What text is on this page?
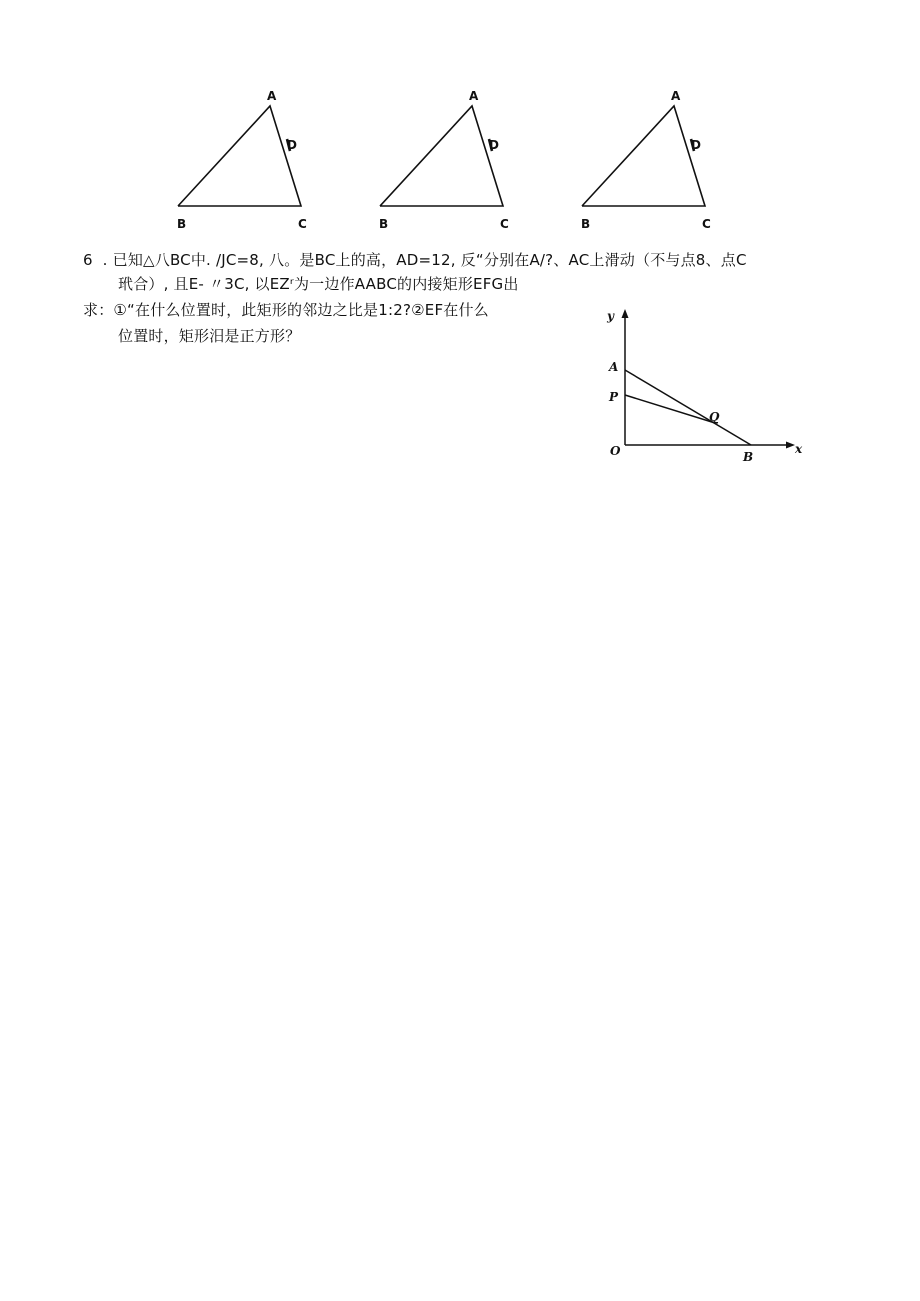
A
D
B	C
A
D
B	C
A
D
B	C
6  . 已知△八BC中. /JC=8, 八。是BC上的高，AD=12, 反“分别在A/?、AC上滑动（不与点8、点C
玳合）, 且E- 〃3C, 以EZʳ为一边作AABC的内接矩形EFG出
求：①“在什么位置时，此矩形的邻边之比是1:2?②EF在什么
位置时，矩形汨是正方形？
y
x
O
A
P
Q
B
